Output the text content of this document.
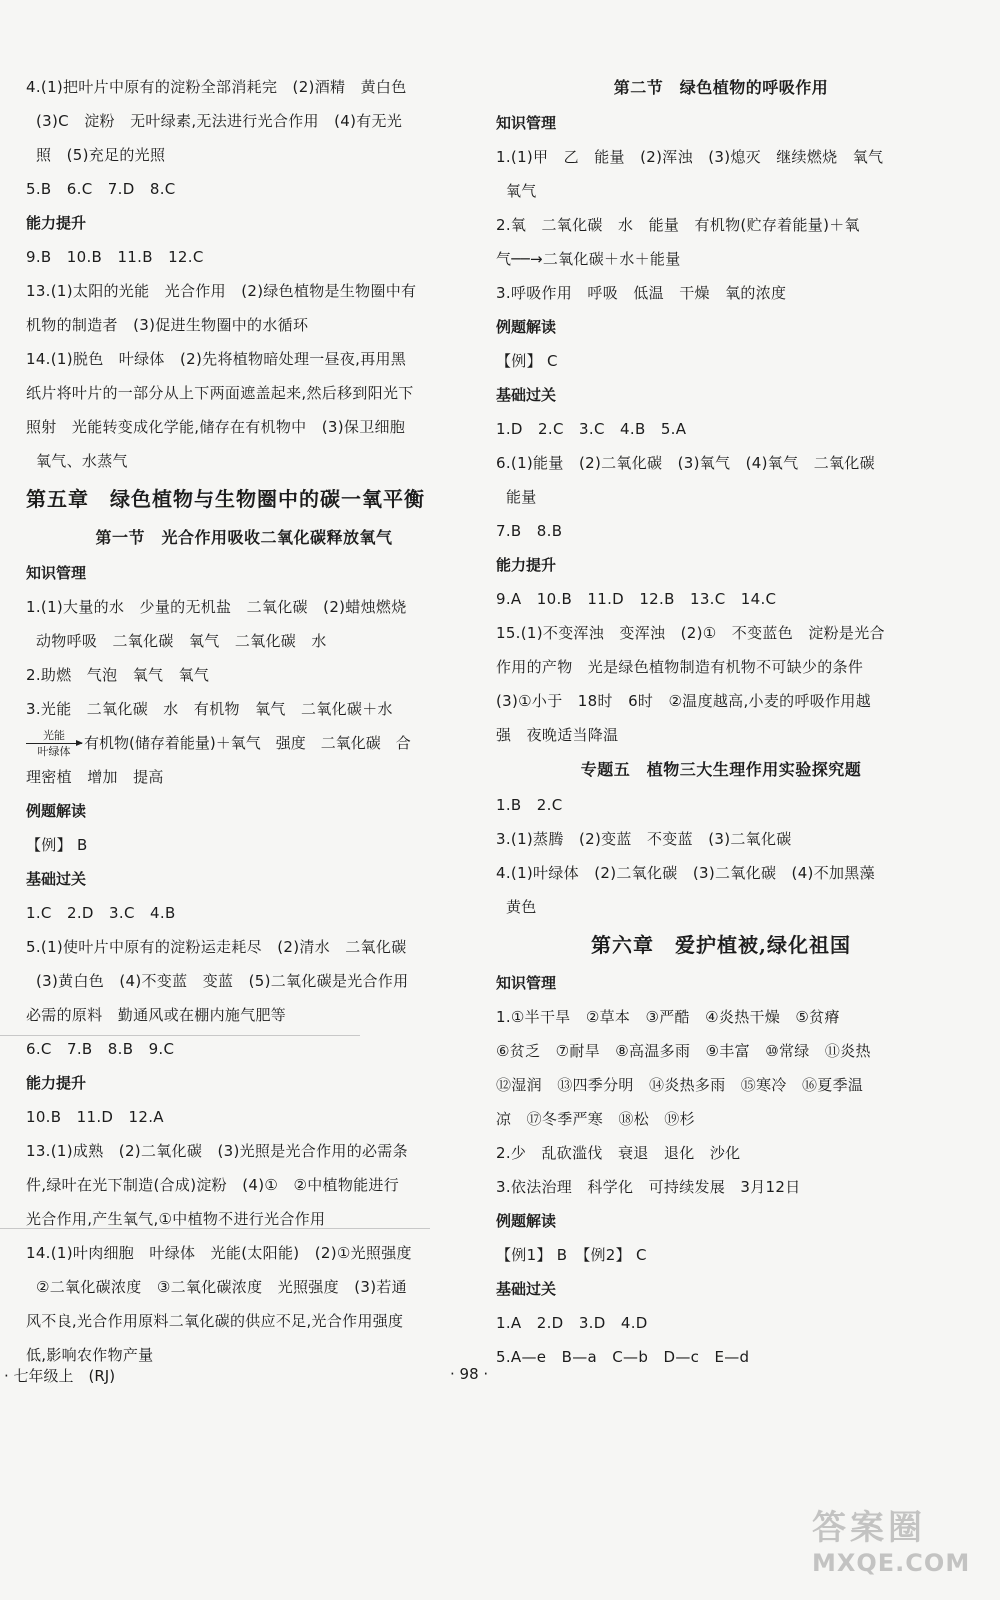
4.(1)把叶片中原有的淀粉全部消耗完　(2)酒精　黄白色
(3)C　淀粉　无叶绿素,无法进行光合作用　(4)有无光
照　(5)充足的光照
5.B　6.C　7.D　8.C
能力提升
9.B　10.B　11.B　12.C
13.(1)太阳的光能　光合作用　(2)绿色植物是生物圈中有
机物的制造者　(3)促进生物圈中的水循环
14.(1)脱色　叶绿体　(2)先将植物暗处理一昼夜,再用黑
纸片将叶片的一部分从上下两面遮盖起来,然后移到阳光下
照射　光能转变成化学能,储存在有机物中　(3)保卫细胞
氧气、水蒸气
第五章　绿色植物与生物圈中的碳一氧平衡
第一节　光合作用吸收二氧化碳释放氧气
知识管理
1.(1)大量的水　少量的无机盐　二氧化碳　(2)蜡烛燃烧
动物呼吸　二氧化碳　氧气　二氧化碳　水
2.助燃　气泡　氧气　氧气
3.光能　二氧化碳　水　有机物　氧气　二氧化碳＋水
光能
叶绿体 有机物(储存着能量)＋氧气　强度　二氧化碳　合
理密植　增加　提高
例题解读
【例】 B
基础过关
1.C　2.D　3.C　4.B
5.(1)使叶片中原有的淀粉运走耗尽　(2)清水　二氧化碳
(3)黄白色　(4)不变蓝　变蓝　(5)二氧化碳是光合作用
必需的原料　勤通风或在棚内施气肥等
6.C　7.B　8.B　9.C
能力提升
10.B　11.D　12.A
13.(1)成熟　(2)二氧化碳　(3)光照是光合作用的必需条
件,绿叶在光下制造(合成)淀粉　(4)①　②中植物能进行
光合作用,产生氧气,①中植物不进行光合作用
14.(1)叶肉细胞　叶绿体　光能(太阳能)　(2)①光照强度
②二氧化碳浓度　③二氧化碳浓度　光照强度　(3)若通
风不良,光合作用原料二氧化碳的供应不足,光合作用强度
低,影响农作物产量
第二节　绿色植物的呼吸作用
知识管理
1.(1)甲　乙　能量　(2)浑浊　(3)熄灭　继续燃烧　氧气
氧气
2.氧　二氧化碳　水　能量　有机物(贮存着能量)＋氧
气──→二氧化碳＋水＋能量
3.呼吸作用　呼吸　低温　干燥　氧的浓度
例题解读
【例】 C
基础过关
1.D　2.C　3.C　4.B　5.A
6.(1)能量　(2)二氧化碳　(3)氧气　(4)氧气　二氧化碳
能量
7.B　8.B
能力提升
9.A　10.B　11.D　12.B　13.C　14.C
15.(1)不变浑浊　变浑浊　(2)①　不变蓝色　淀粉是光合
作用的产物　光是绿色植物制造有机物不可缺少的条件
(3)①小于　18时　6时　②温度越高,小麦的呼吸作用越
强　夜晚适当降温
专题五　植物三大生理作用实验探究题
1.B　2.C
3.(1)蒸腾　(2)变蓝　不变蓝　(3)二氧化碳
4.(1)叶绿体　(2)二氧化碳　(3)二氧化碳　(4)不加黑藻
黄色
第六章　爱护植被,绿化祖国
知识管理
1.①半干旱　②草本　③严酷　④炎热干燥　⑤贫瘠
⑥贫乏　⑦耐旱　⑧高温多雨　⑨丰富　⑩常绿　⑪炎热
⑫湿润　⑬四季分明　⑭炎热多雨　⑮寒冷　⑯夏季温
凉　⑰冬季严寒　⑱松　⑲杉
2.少　乱砍滥伐　衰退　退化　沙化
3.依法治理　科学化　可持续发展　3月12日
例题解读
【例1】 B　【例2】 C
基础过关
1.A　2.D　3.D　4.D
5.A—e　B—a　C—b　D—c　E—d
· 七年级上　(RJ)	· 98 ·
答案圈
MXQE.COM
